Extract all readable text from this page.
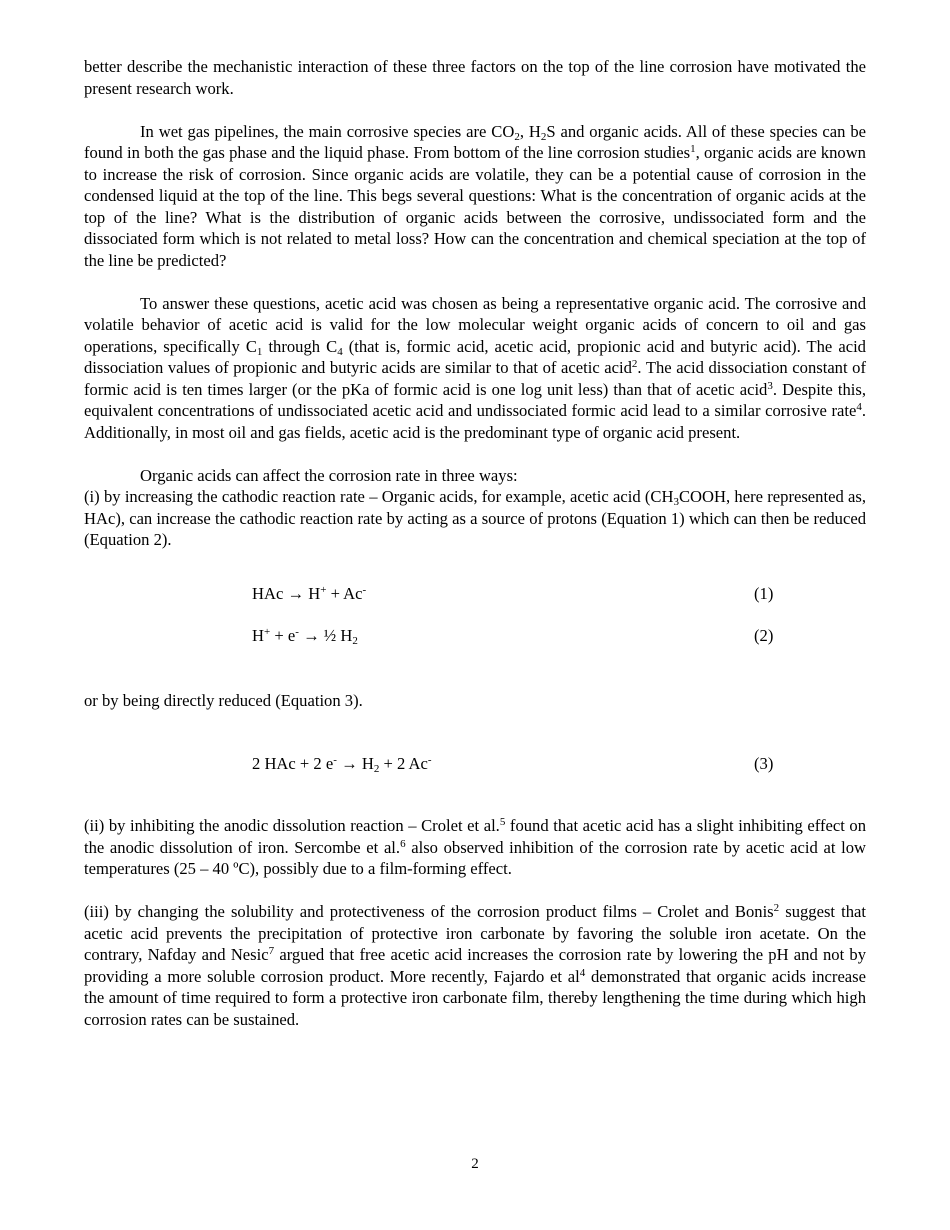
better describe the mechanistic interaction of these three factors on the top of the line corrosion have motivated the present research work.

In wet gas pipelines, the main corrosive species are $CO_2$, $H_2S$ and organic acids. All of these species can be found in both the gas phase and the liquid phase. From bottom of the line corrosion studies$^1$, organic acids are known to increase the risk of corrosion. Since organic acids are volatile, they can be a potential cause of corrosion in the condensed liquid at the top of the line. This begs several questions: What is the concentration of organic acids at the top of the line? What is the distribution of organic acids between the corrosive, undissociated form and the dissociated form which is not related to metal loss? How can the concentration and chemical speciation at the top of the line be predicted?

To answer these questions, acetic acid was chosen as being a representative organic acid. The corrosive and volatile behavior of acetic acid is valid for the low molecular weight organic acids of concern to oil and gas operations, specifically $C_1$ through $C_4$ (that is, formic acid, acetic acid, propionic acid and butyric acid). The acid dissociation values of propionic and butyric acids are similar to that of acetic acid$^2$. The acid dissociation constant of formic acid is ten times larger (or the pKa of formic acid is one log unit less) than that of acetic acid$^3$. Despite this, equivalent concentrations of undissociated acetic acid and undissociated formic acid lead to a similar corrosive rate$^4$. Additionally, in most oil and gas fields, acetic acid is the predominant type of organic acid present.

Organic acids can affect the corrosion rate in three ways:

(i) by increasing the cathodic reaction rate – Organic acids, for example, acetic acid ($CH_3COOH$, here represented as, HAc), can increase the cathodic reaction rate by acting as a source of protons (Equation 1) which can then be reduced (Equation 2).

HAc → H+ + Ac-	(1)
H+ + e- → ½ $H_2$	(2)

or by being directly reduced (Equation 3).

2 HAc + 2 $e^- \to H_2 + 2$ Ac-	(3)

(ii) by inhibiting the anodic dissolution reaction – Crolet et al.$^5$ found that acetic acid has a slight inhibiting effect on the anodic dissolution of iron. Sercombe et al.$^6$ also observed inhibition of the corrosion rate by acetic acid at low temperatures (25 – 40 ºC), possibly due to a film-forming effect.

(iii) by changing the solubility and protectiveness of the corrosion product films – Crolet and Bonis$^2$ suggest that acetic acid prevents the precipitation of protective iron carbonate by favoring the soluble iron acetate. On the contrary, Nafday and Nesic$^7$ argued that free acetic acid increases the corrosion rate by lowering the pH and not by providing a more soluble corrosion product. More recently, Fajardo et $al^4$ demonstrated that organic acids increase the amount of time required to form a protective iron carbonate film, thereby lengthening the time during which high corrosion rates can be sustained.

2
